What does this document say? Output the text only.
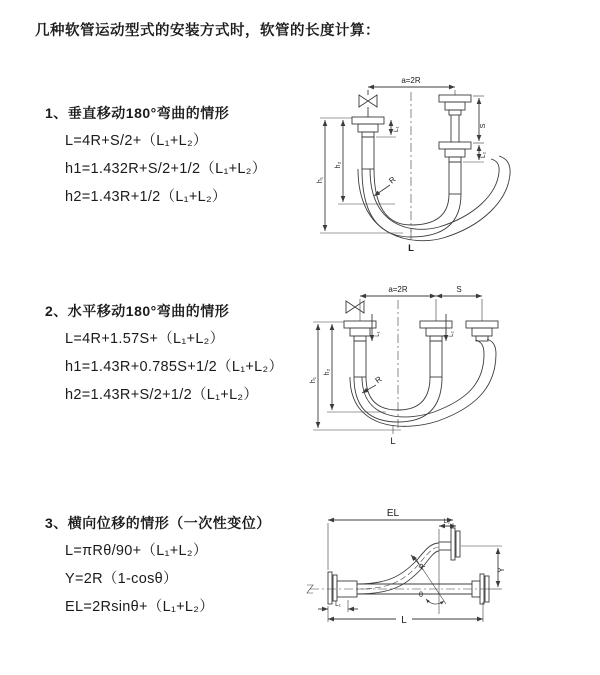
几种软管运动型式的安装方式时，软管的长度计算：
1、垂直移动180°弯曲的情形
L=4R+S/2+（L₁+L₂）
h1=1.432R+S/2+1/2（L₁+L₂）
h2=1.43R+1/2（L₁+L₂）
a=2R
S
L₁
L₂
h₁
h₂
R
L
2、水平移动180°弯曲的情形
L=4R+1.57S+（L₁+L₂）
h1=1.43R+0.785S+1/2（L₁+L₂）
h2=1.43R+S/2+1/2（L₁+L₂）
a=2R	S
L₁	L₂
h₁
h₂
R
L
3、横向位移的情形（一次性变位）
L=πRθ/90+（L₁+L₂）
Y=2R（1-cosθ）
EL=2Rsinθ+（L₁+L₂）
EL
L₂
Y
R
θ
L
L₁
